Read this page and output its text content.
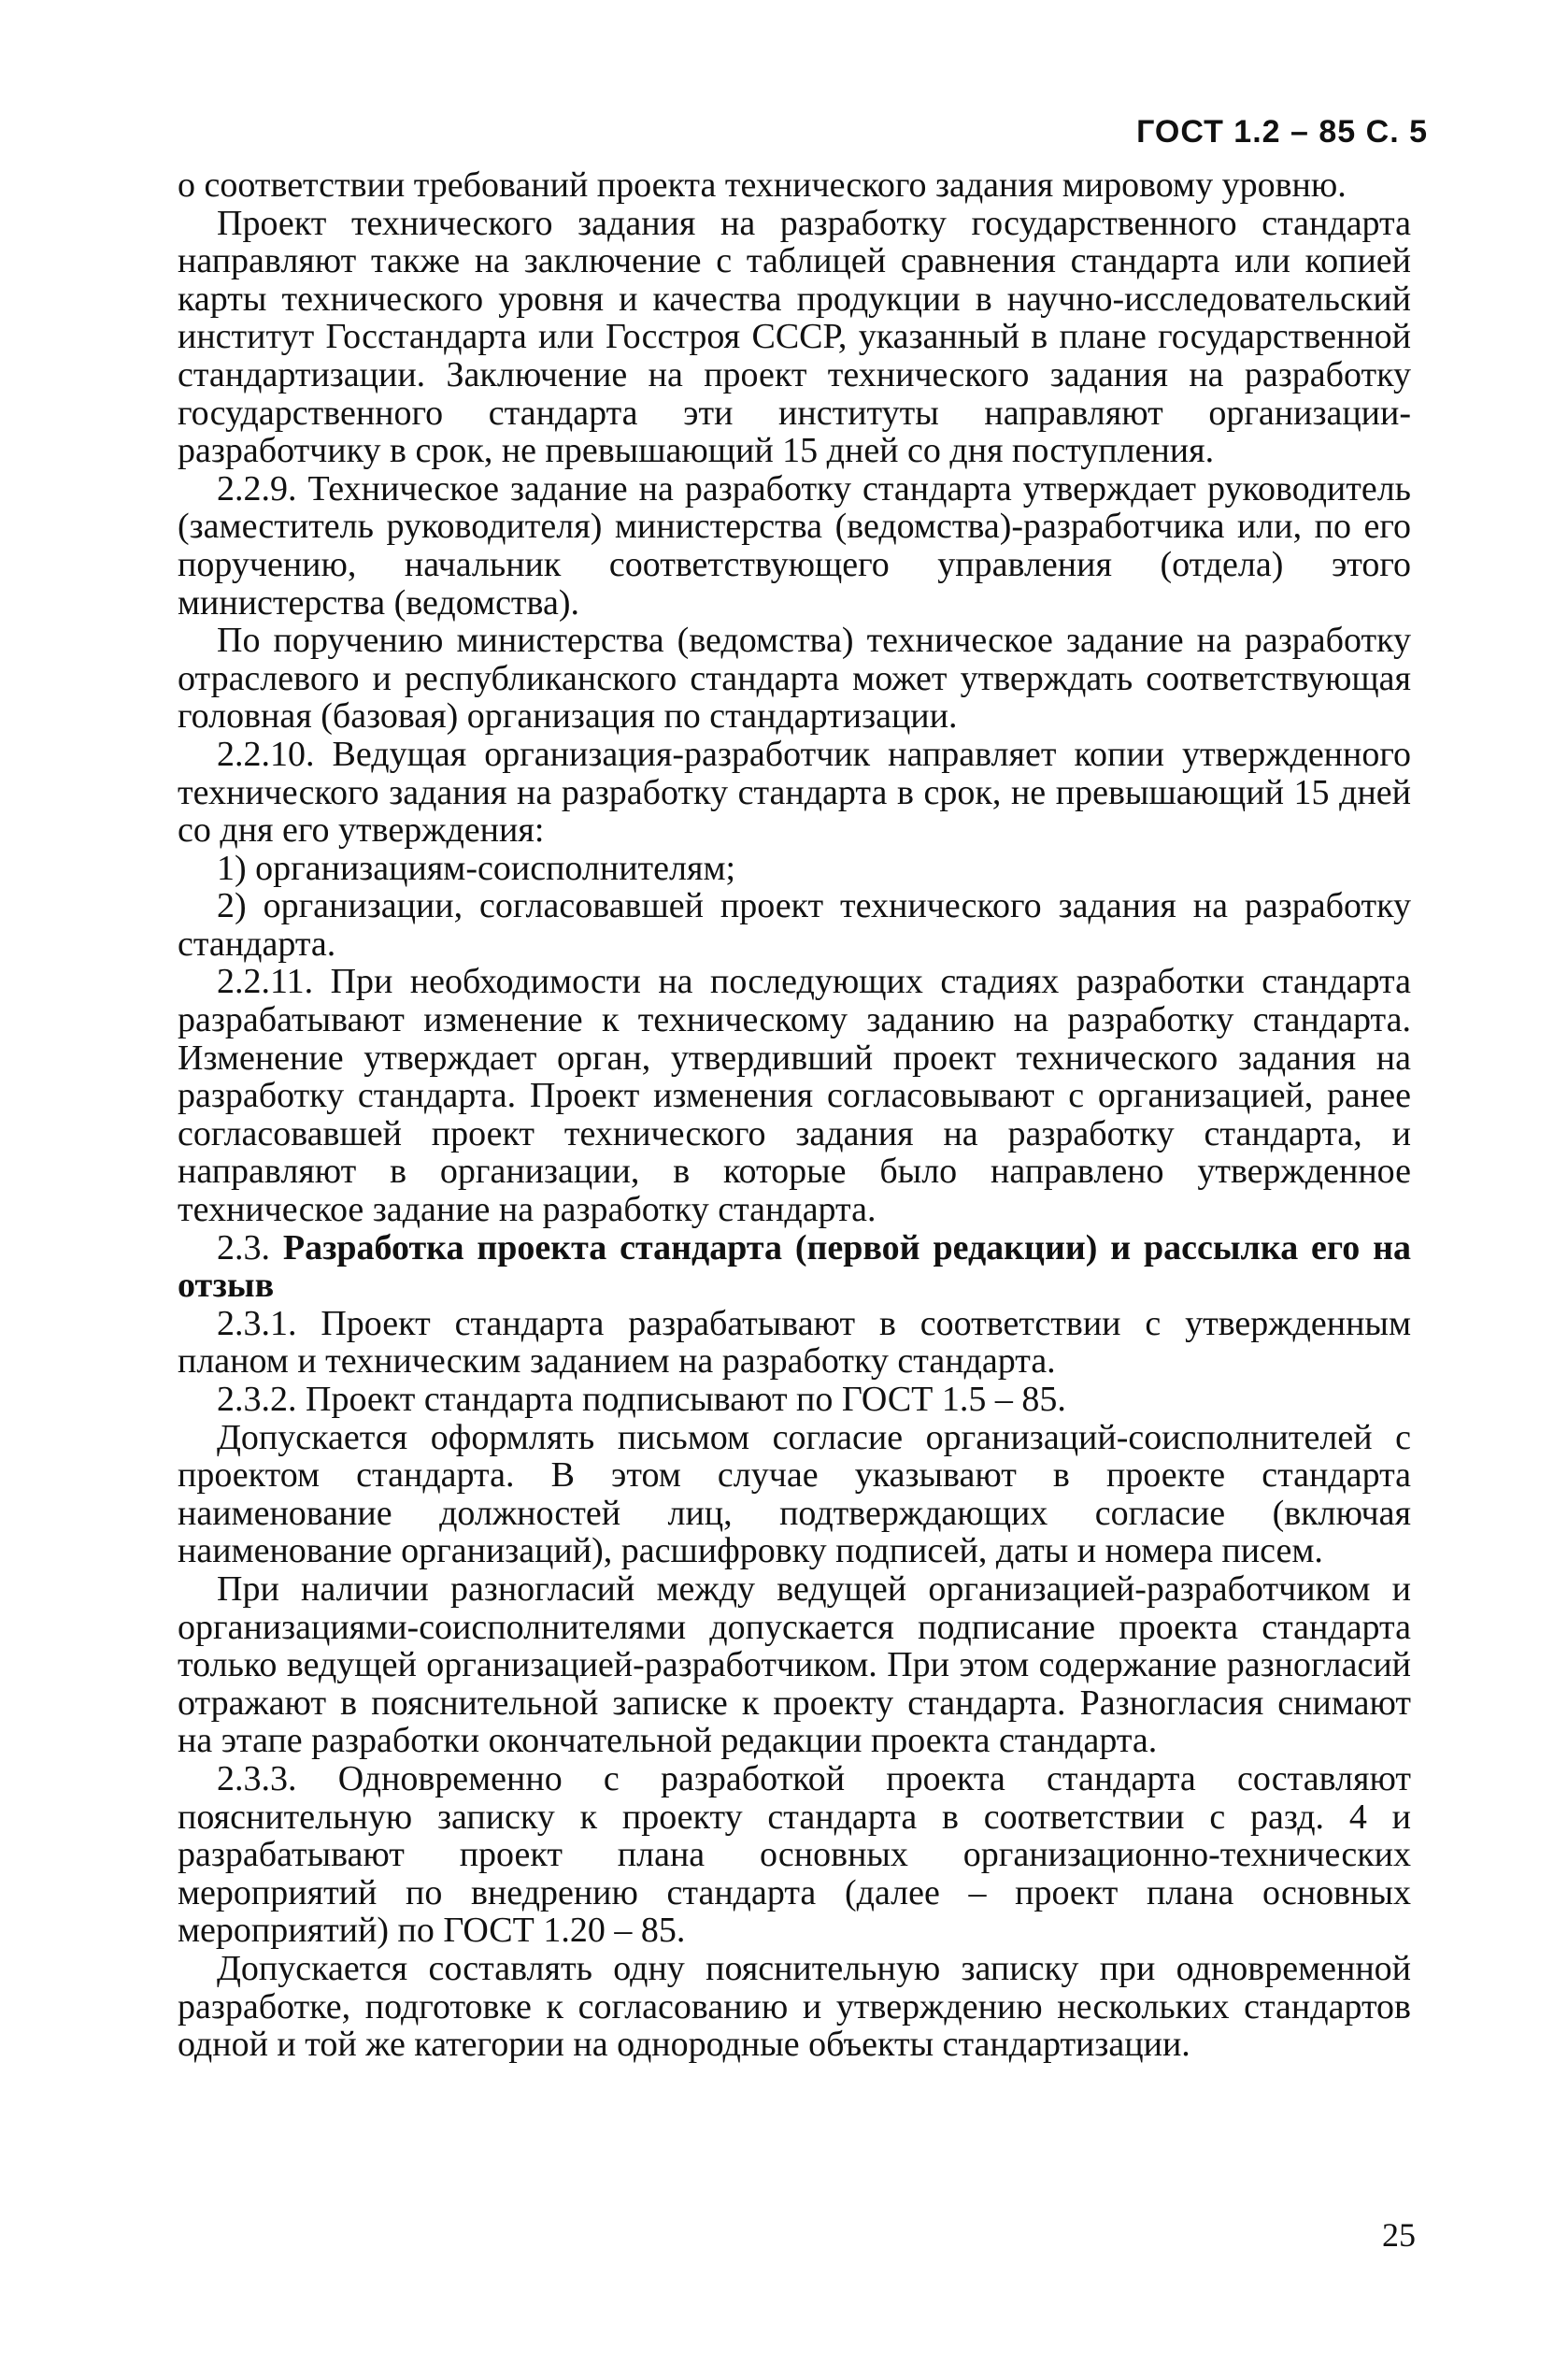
ГОСТ 1.2 – 85 С. 5

о соответствии требований проекта технического задания мировому уровню.

Проект технического задания на разработку государственного стандарта направляют также на заключение с таблицей сравнения стандарта или копией карты технического уровня и качества продукции в научно-исследовательский институт Госстандарта или Госстроя СССР, указанный в плане государственной стандартизации. Заключение на проект технического задания на разработку государственного стандарта эти институты направляют организации-разработчику в срок, не превышающий 15 дней со дня поступления.

2.2.9. Техническое задание на разработку стандарта утверждает руководитель (заместитель руководителя) министерства (ведомства)-разработчика или, по его поручению, начальник соответствующего управления (отдела) этого министерства (ведомства).

По поручению министерства (ведомства) техническое задание на разработку отраслевого и республиканского стандарта может утверждать соответствующая головная (базовая) организация по стандартизации.

2.2.10. Ведущая организация-разработчик направляет копии утвержденного технического задания на разработку стандарта в срок, не превышающий 15 дней со дня его утверждения:

1) организациям-соисполнителям;

2) организации, согласовавшей проект технического задания на разработку стандарта.

2.2.11. При необходимости на последующих стадиях разработки стандарта разрабатывают изменение к техническому заданию на разработку стандарта. Изменение утверждает орган, утвердивший проект технического задания на разработку стандарта. Проект изменения согласовывают с организацией, ранее согласовавшей проект технического задания на разработку стандарта, и направляют в организации, в которые было направлено утвержденное техническое задание на разработку стандарта.

2.3. Разработка проекта стандарта (первой редакции) и рассылка его на отзыв

2.3.1. Проект стандарта разрабатывают в соответствии с утвержденным планом и техническим заданием на разработку стандарта.

2.3.2. Проект стандарта подписывают по ГОСТ 1.5 – 85.

Допускается оформлять письмом согласие организаций-соисполнителей с проектом стандарта. В этом случае указывают в проекте стандарта наименование должностей лиц, подтверждающих согласие (включая наименование организаций), расшифровку подписей, даты и номера писем.

При наличии разногласий между ведущей организацией-разработчиком и организациями-соисполнителями допускается подписание проекта стандарта только ведущей организацией-разработчиком. При этом содержание разногласий отражают в пояснительной записке к проекту стандарта. Разногласия снимают на этапе разработки окончательной редакции проекта стандарта.

2.3.3. Одновременно с разработкой проекта стандарта составляют пояснительную записку к проекту стандарта в соответствии с разд. 4 и разрабатывают проект плана основных организационно-технических мероприятий по внедрению стандарта (далее – проект плана основных мероприятий) по ГОСТ 1.20 – 85.

Допускается составлять одну пояснительную записку при одновременной разработке, подготовке к согласованию и утверждению нескольких стандартов одной и той же категории на однородные объекты стандартизации.

25
